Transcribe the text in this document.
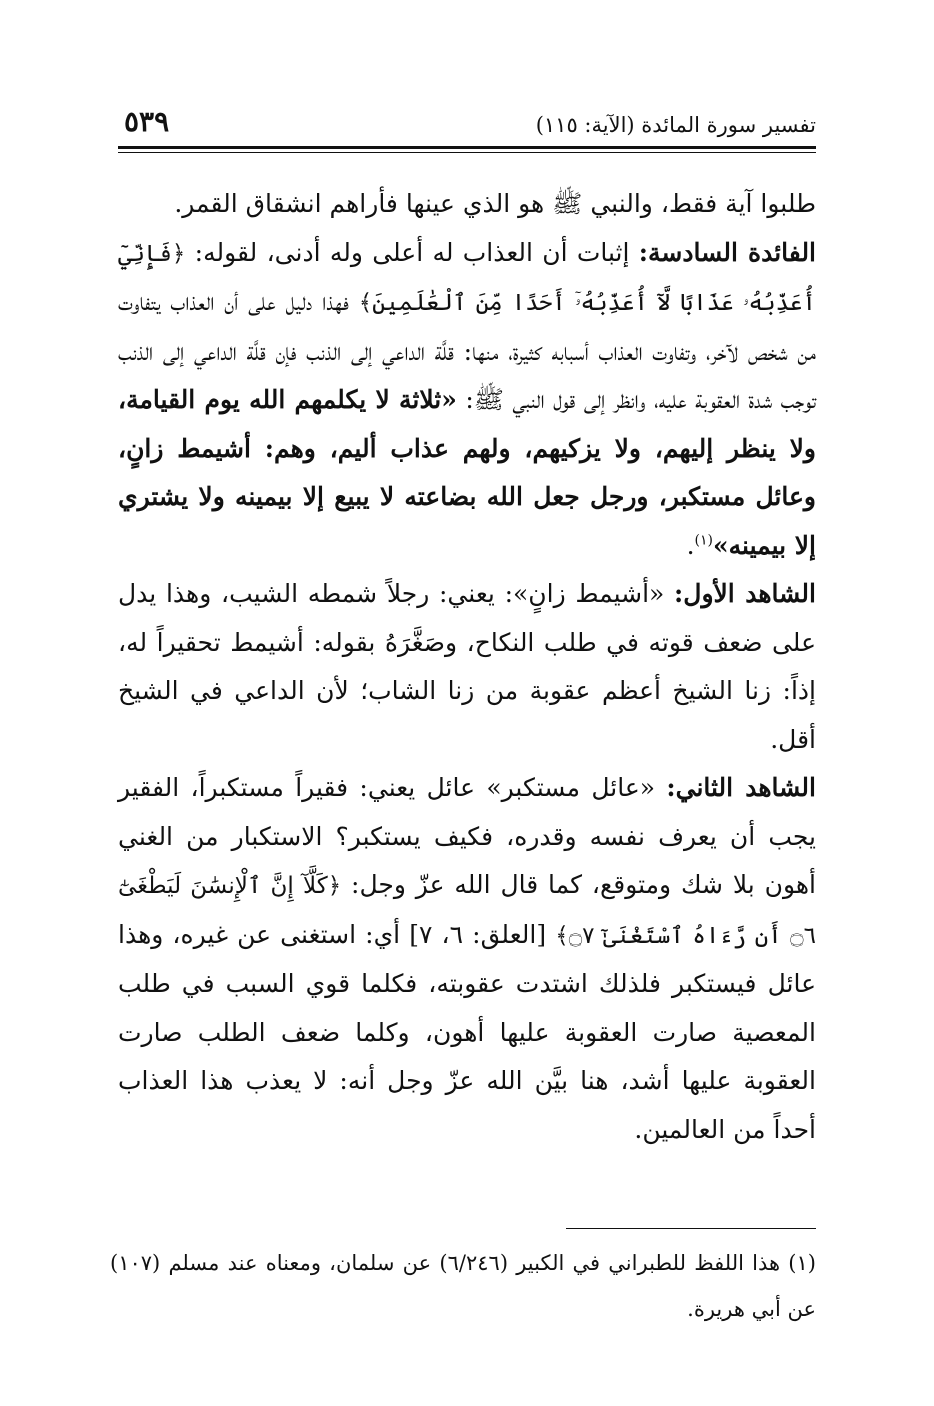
تفسير سورة المائدة (الآية: ١١٥)
٥٣٩

طلبوا آية فقط، والنبي ﷺ هو الذي عينها فأراهم انشقاق القمر.

الفائدة السادسة: إثبات أن العذاب له أعلى وله أدنى، لقوله: ﴿فَإِنِّيٓ أُعَذِّبُهُۥ عَذَابًا لَّآ أُعَذِّبُهُۥٓ أَحَدًا مِّنَ ٱلْعَٰلَمِينَ﴾ فهذا دليل على أن العذاب يتفاوت من شخص لآخر، وتفاوت العذاب أسبابه كثيرة، منها: قلَّة الداعي إلى الذنب فإن قلَّة الداعي إلى الذنب توجب شدة العقوبة عليه، وانظر إلى قول النبي ﷺ: «ثلاثة لا يكلمهم الله يوم القيامة، ولا ينظر إليهم، ولا يزكيهم، ولهم عذاب أليم، وهم: أشيمط زانٍ، وعائل مستكبر، ورجل جعل الله بضاعته لا يبيع إلا بيمينه ولا يشتري إلا بيمينه»$^{(١)}$.

الشاهد الأول: «أشيمط زانٍ»: يعني: رجلاً شمطه الشيب، وهذا يدل على ضعف قوته في طلب النكاح، وصَغَّرَهُ بقوله: أشيمط تحقيراً له، إذاً: زنا الشيخ أعظم عقوبة من زنا الشاب؛ لأن الداعي في الشيخ أقل.

الشاهد الثاني: «عائل مستكبر» عائل يعني: فقيراً مستكبراً، الفقير يجب أن يعرف نفسه وقدره، فكيف يستكبر؟ الاستكبار من الغني أهون بلا شك ومتوقع، كما قال الله عزّ وجل: ﴿كَلَّآ إِنَّ ٱلْإِنسَٰنَ لَيَطْغَىٰٓ ۝٦ أَن رَّءَاهُ ٱسْتَغْنَىٰٓ ۝٧﴾ [العلق: ٦، ٧] أي: استغنى عن غيره، وهذا عائل فيستكبر فلذلك اشتدت عقوبته، فكلما قوي السبب في طلب المعصية صارت العقوبة عليها أهون، وكلما ضعف الطلب صارت العقوبة عليها أشد، هنا بيَّن الله عزّ وجل أنه: لا يعذب هذا العذاب أحداً من العالمين.

(١) هذا اللفظ للطبراني في الكبير (٦/٢٤٦) عن سلمان، ومعناه عند مسلم (١٠٧) عن أبي هريرة.
